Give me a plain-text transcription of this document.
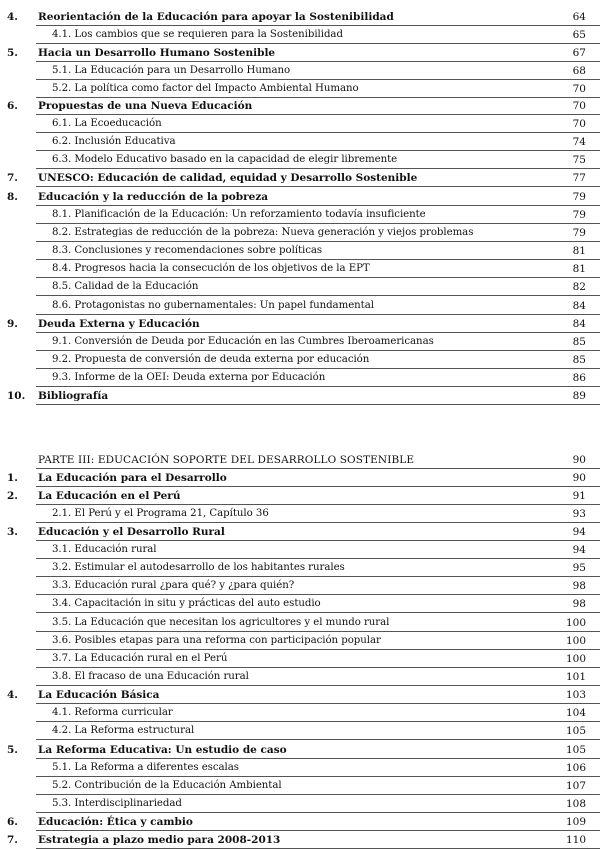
4. Reorientación de la Educación para apoyar la Sostenibilidad	64
4.1. Los cambios que se requieren para la Sostenibilidad	65
5. Hacia un Desarrollo Humano Sostenible	67
5.1. La Educación para un Desarrollo Humano	68
5.2. La política como factor del Impacto Ambiental Humano	70
6. Propuestas de una Nueva Educación	70
6.1. La Ecoeducación	70
6.2. Inclusión Educativa	74
6.3. Modelo Educativo basado en la capacidad de elegir libremente	75
7. UNESCO: Educación de calidad, equidad y Desarrollo Sostenible	77
8. Educación y la reducción de la pobreza	79
8.1. Planificación de la Educación: Un reforzamiento todavía insuficiente	79
8.2. Estrategias de reducción de la pobreza: Nueva generación y viejos problemas	79
8.3. Conclusiones y recomendaciones sobre políticas	81
8.4. Progresos hacia la consecución de los objetivos de la EPT	81
8.5. Calidad de la Educación	82
8.6. Protagonistas no gubernamentales: Un papel fundamental	84
9. Deuda Externa y Educación	84
9.1. Conversión de Deuda por Educación en las Cumbres Iberoamericanas	85
9.2. Propuesta de conversión de deuda externa por educación	85
9.3. Informe de la OEI: Deuda externa por Educación	86
10. Bibliografía	89
PARTE III: EDUCACIÓN SOPORTE DEL DESARROLLO SOSTENIBLE	90
1. La Educación para el Desarrollo	90
2. La Educación en el Perú	91
2.1. El Perú y el Programa 21, Capítulo 36	93
3. Educación y el Desarrollo Rural	94
3.1. Educación rural	94
3.2. Estimular el autodesarrollo de los habitantes rurales	95
3.3. Educación rural ¿para qué? y ¿para quién?	98
3.4. Capacitación in situ y prácticas del auto estudio	98
3.5. La Educación que necesitan los agricultores y el mundo rural	100
3.6. Posibles etapas para una reforma con participación popular	100
3.7. La Educación rural en el Perú	100
3.8. El fracaso de una Educación rural	101
4. La Educación Básica	103
4.1. Reforma curricular	104
4.2. La Reforma estructural	105
5. La Reforma Educativa: Un estudio de caso	105
5.1. La Reforma a diferentes escalas	106
5.2. Contribución de la Educación Ambiental	107
5.3. Interdisciplinariedad	108
6. Educación: Ética y cambio	109
7. Estrategia a plazo medio para 2008-2013	110
